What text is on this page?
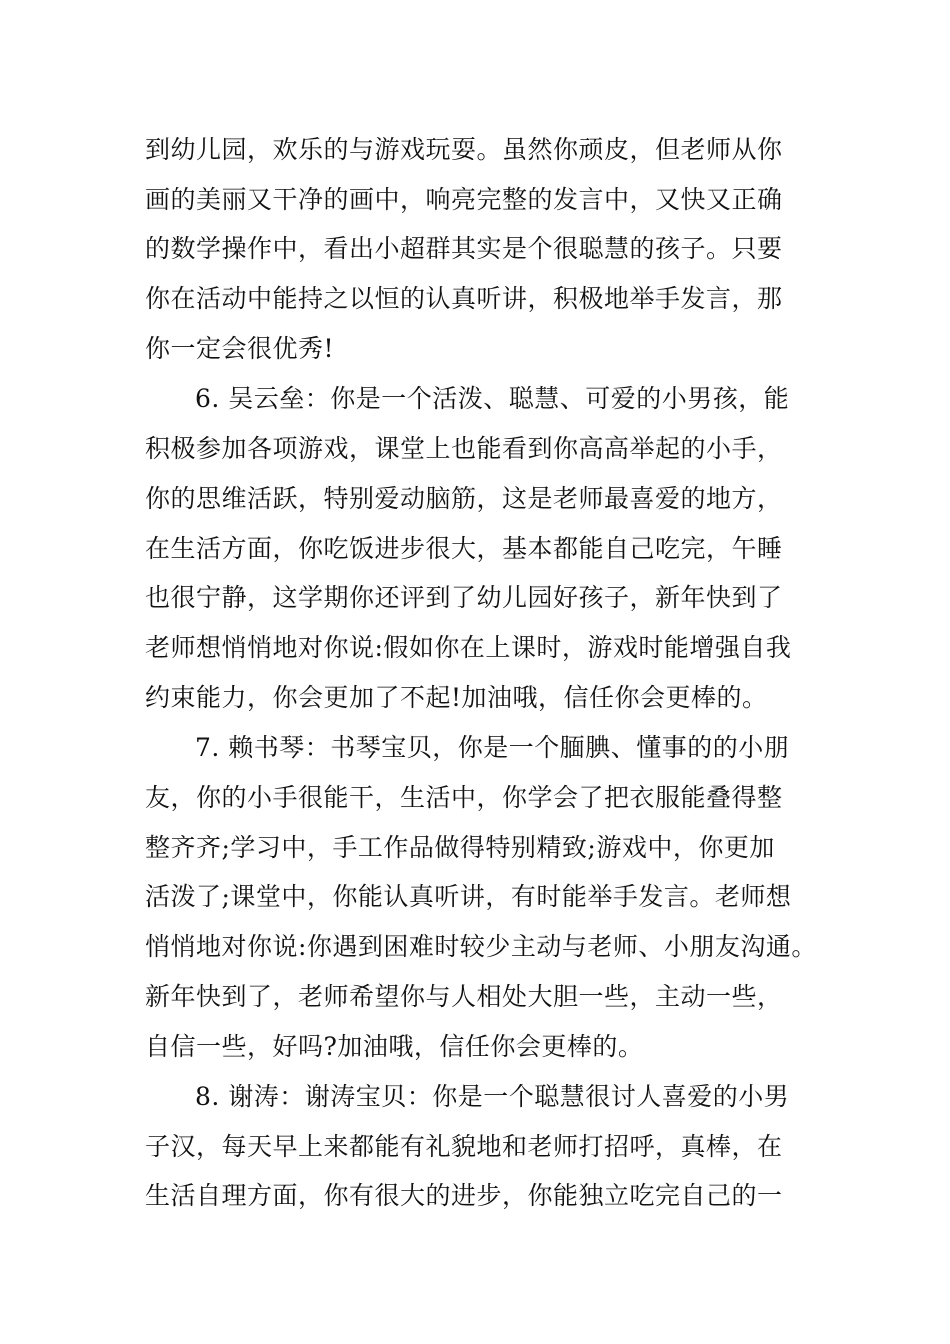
到幼儿园，欢乐的与游戏玩耍。虽然你顽皮，但老师从你
画的美丽又干净的画中，响亮完整的发言中，又快又正确
的数学操作中，看出小超群其实是个很聪慧的孩子。只要
你在活动中能持之以恒的认真听讲，积极地举手发言，那
你一定会很优秀!
6. 吴云垒：你是一个活泼、聪慧、可爱的小男孩，能
积极参加各项游戏，课堂上也能看到你高高举起的小手，
你的思维活跃，特别爱动脑筋，这是老师最喜爱的地方，
在生活方面，你吃饭进步很大，基本都能自己吃完，午睡
也很宁静，这学期你还评到了幼儿园好孩子，新年快到了
老师想悄悄地对你说:假如你在上课时，游戏时能增强自我
约束能力，你会更加了不起!加油哦，信任你会更棒的。
7. 赖书琴：书琴宝贝，你是一个腼腆、懂事的的小朋
友，你的小手很能干，生活中，你学会了把衣服能叠得整
整齐齐;学习中，手工作品做得特别精致;游戏中，你更加
活泼了;课堂中，你能认真听讲，有时能举手发言。老师想
悄悄地对你说:你遇到困难时较少主动与老师、小朋友沟通。
新年快到了，老师希望你与人相处大胆一些，主动一些，
自信一些，好吗?加油哦，信任你会更棒的。
8. 谢涛：谢涛宝贝：你是一个聪慧很讨人喜爱的小男
子汉，每天早上来都能有礼貌地和老师打招呼，真棒，在
生活自理方面，你有很大的进步，你能独立吃完自己的一
